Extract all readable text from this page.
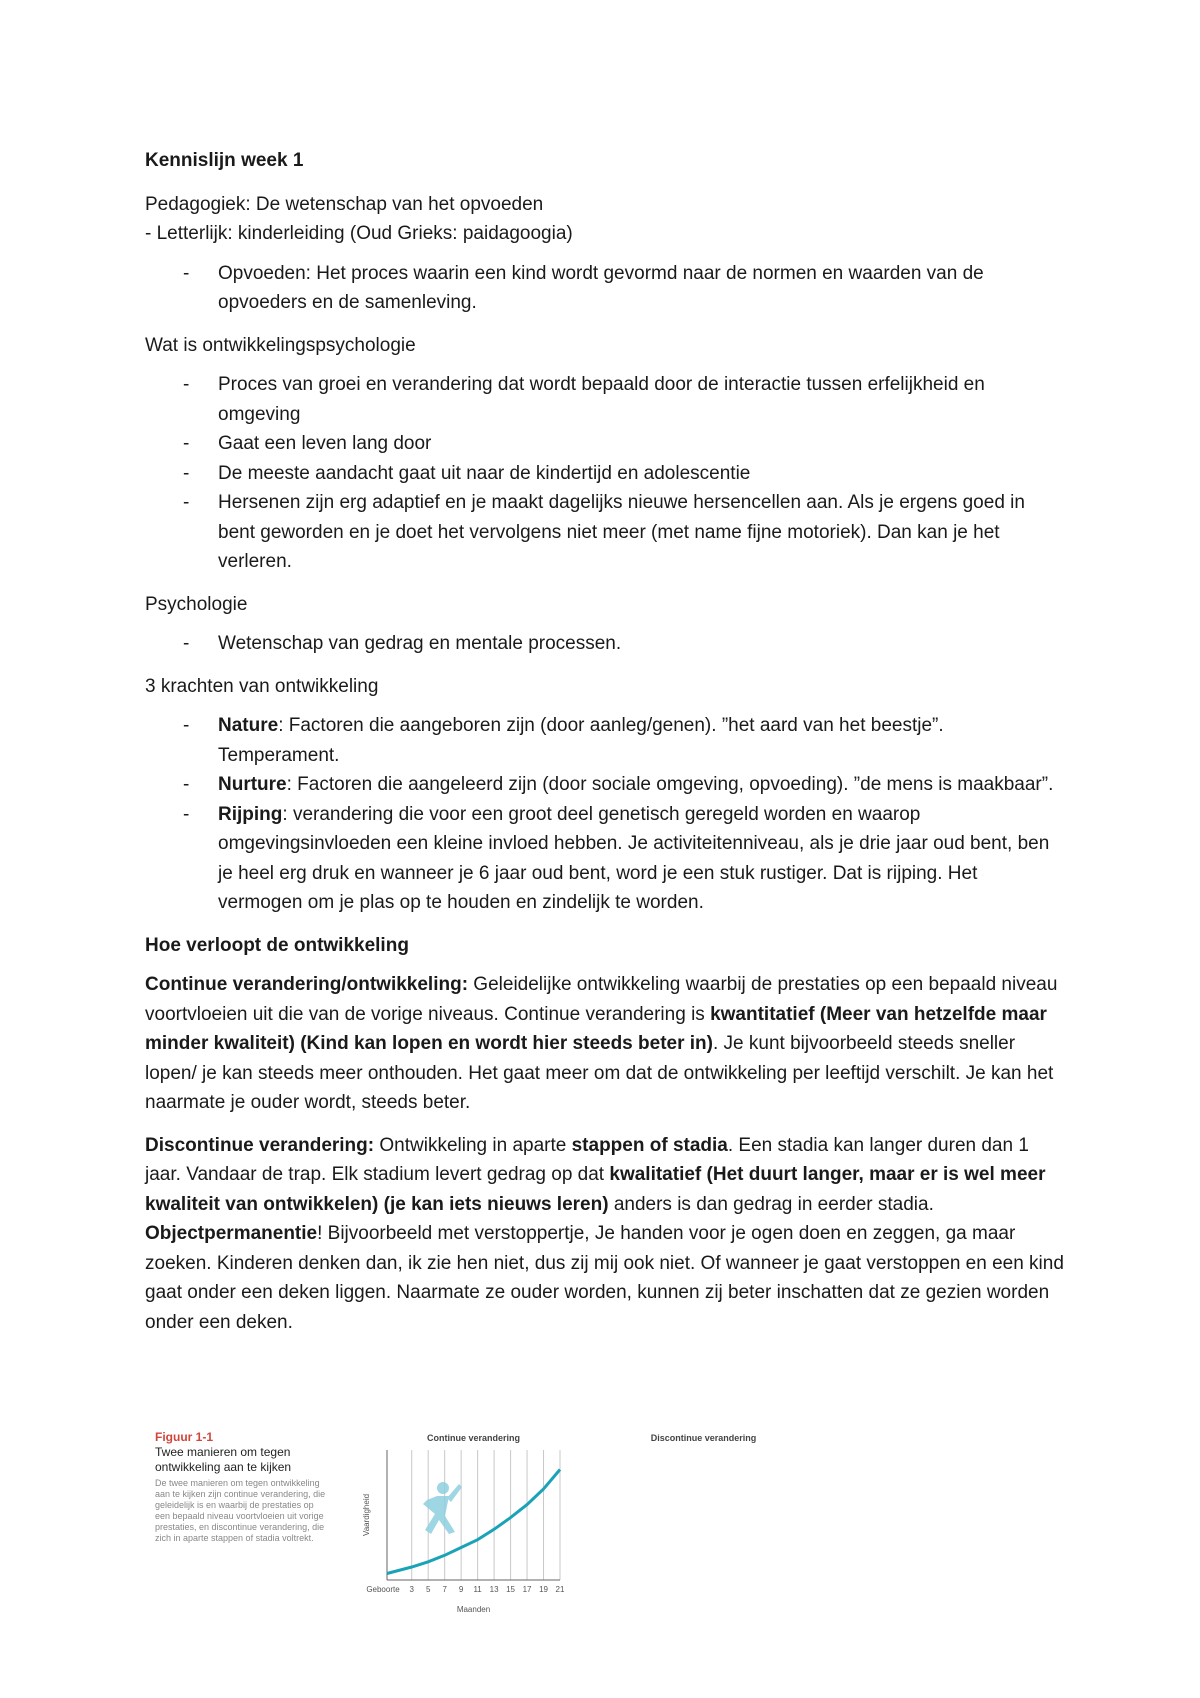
Kennislijn week 1

Pedagogiek: De wetenschap van het opvoeden

- Letterlijk: kinderleiding (Oud Grieks: paidagoogia)

- Opvoeden: Het proces waarin een kind wordt gevormd naar de normen en waarden van de opvoeders en de samenleving.

Wat is ontwikkelingspsychologie

- Proces van groei en verandering dat wordt bepaald door de interactie tussen erfelijkheid en omgeving
- Gaat een leven lang door
- De meeste aandacht gaat uit naar de kindertijd en adolescentie
- Hersenen zijn erg adaptief en je maakt dagelijks nieuwe hersencellen aan. Als je ergens goed in bent geworden en je doet het vervolgens niet meer (met name fijne motoriek). Dan kan je het verleren.

Psychologie

- Wetenschap van gedrag en mentale processen.

3 krachten van ontwikkeling

- Nature: Factoren die aangeboren zijn (door aanleg/genen). ”het aard van het beestje”. Temperament.
- Nurture: Factoren die aangeleerd zijn (door sociale omgeving, opvoeding). ”de mens is maakbaar”.
- Rijping: verandering die voor een groot deel genetisch geregeld worden en waarop omgevingsinvloeden een kleine invloed hebben. Je activiteitenniveau, als je drie jaar oud bent, ben je heel erg druk en wanneer je 6 jaar oud bent, word je een stuk rustiger. Dat is rijping. Het vermogen om je plas op te houden en zindelijk te worden.

Hoe verloopt de ontwikkeling

Continue verandering/ontwikkeling: Geleidelijke ontwikkeling waarbij de prestaties op een bepaald niveau voortvloeien uit die van de vorige niveaus. Continue verandering is kwantitatief (Meer van hetzelfde maar minder kwaliteit) (Kind kan lopen en wordt hier steeds beter in). Je kunt bijvoorbeeld steeds sneller lopen/ je kan steeds meer onthouden. Het gaat meer om dat de ontwikkeling per leeftijd verschilt. Je kan het naarmate je ouder wordt, steeds beter.

Discontinue verandering: Ontwikkeling in aparte stappen of stadia. Een stadia kan langer duren dan 1 jaar. Vandaar de trap. Elk stadium levert gedrag op dat kwalitatief (Het duurt langer, maar er is wel meer kwaliteit van ontwikkelen) (je kan iets nieuws leren) anders is dan gedrag in eerder stadia. Objectpermanentie! Bijvoorbeeld met verstoppertje, Je handen voor je ogen doen en zeggen, ga maar zoeken. Kinderen denken dan, ik zie hen niet, dus zij mij ook niet. Of wanneer je gaat verstoppen en een kind gaat onder een deken liggen. Naarmate ze ouder worden, kunnen zij beter inschatten dat ze gezien worden onder een deken.

Figuur 1-1
Twee manieren om tegen ontwikkeling aan te kijken
De twee manieren om tegen ontwikkeling aan te kijken zijn continue verandering, die geleidelijk is en waarbij de prestaties op een bepaald niveau voortvloeien uit vorige prestaties, en discontinue verandering, die zich in aparte stappen of stadia voltrekt.
Continue verandering
Geboorte 3 5 7 9 11 13 15 17 19 21
Maanden
Vaardigheid
Discontinue verandering
